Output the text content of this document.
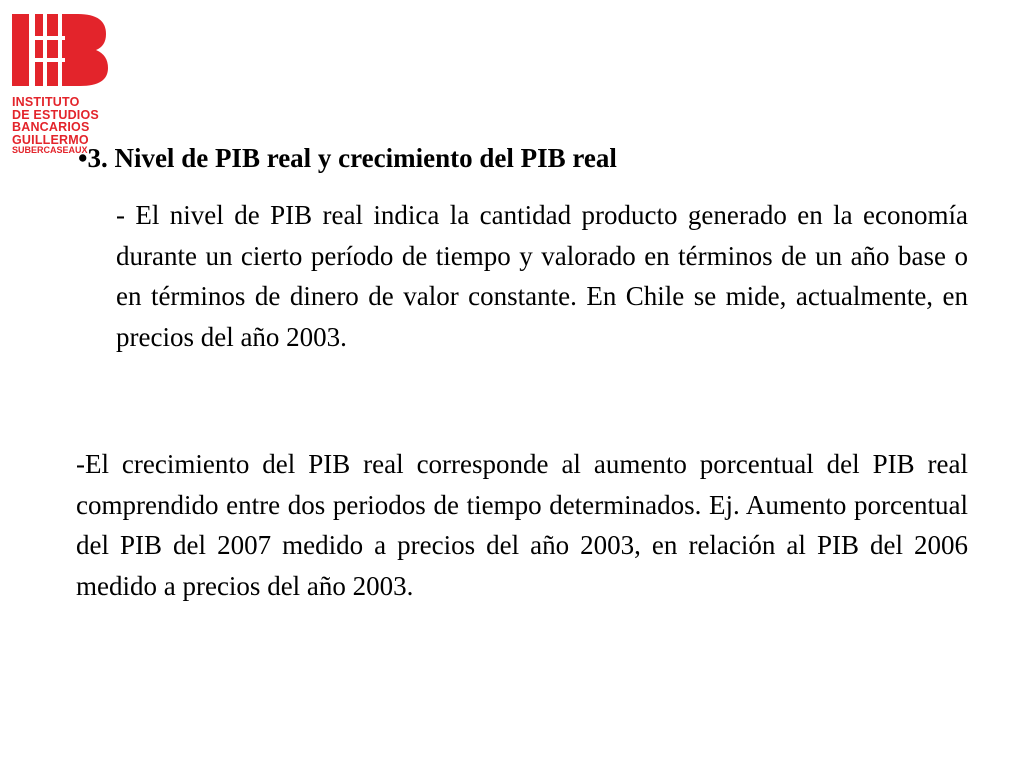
INSTITUTO
DE ESTUDIOS
BANCARIOS
GUILLERMO
SUBERCASEAUX
•3. Nivel de PIB real y crecimiento del PIB real
- El nivel de PIB real indica la cantidad producto generado en la economía durante un cierto período de tiempo y valorado en términos de un año base o en términos de dinero de valor constante. En Chile se mide, actualmente, en precios del año 2003.
-El crecimiento del PIB real corresponde al aumento porcentual del PIB real comprendido entre dos periodos de tiempo determinados. Ej. Aumento porcentual del PIB del 2007 medido a precios del año 2003, en relación al PIB del 2006 medido a precios del año 2003.
